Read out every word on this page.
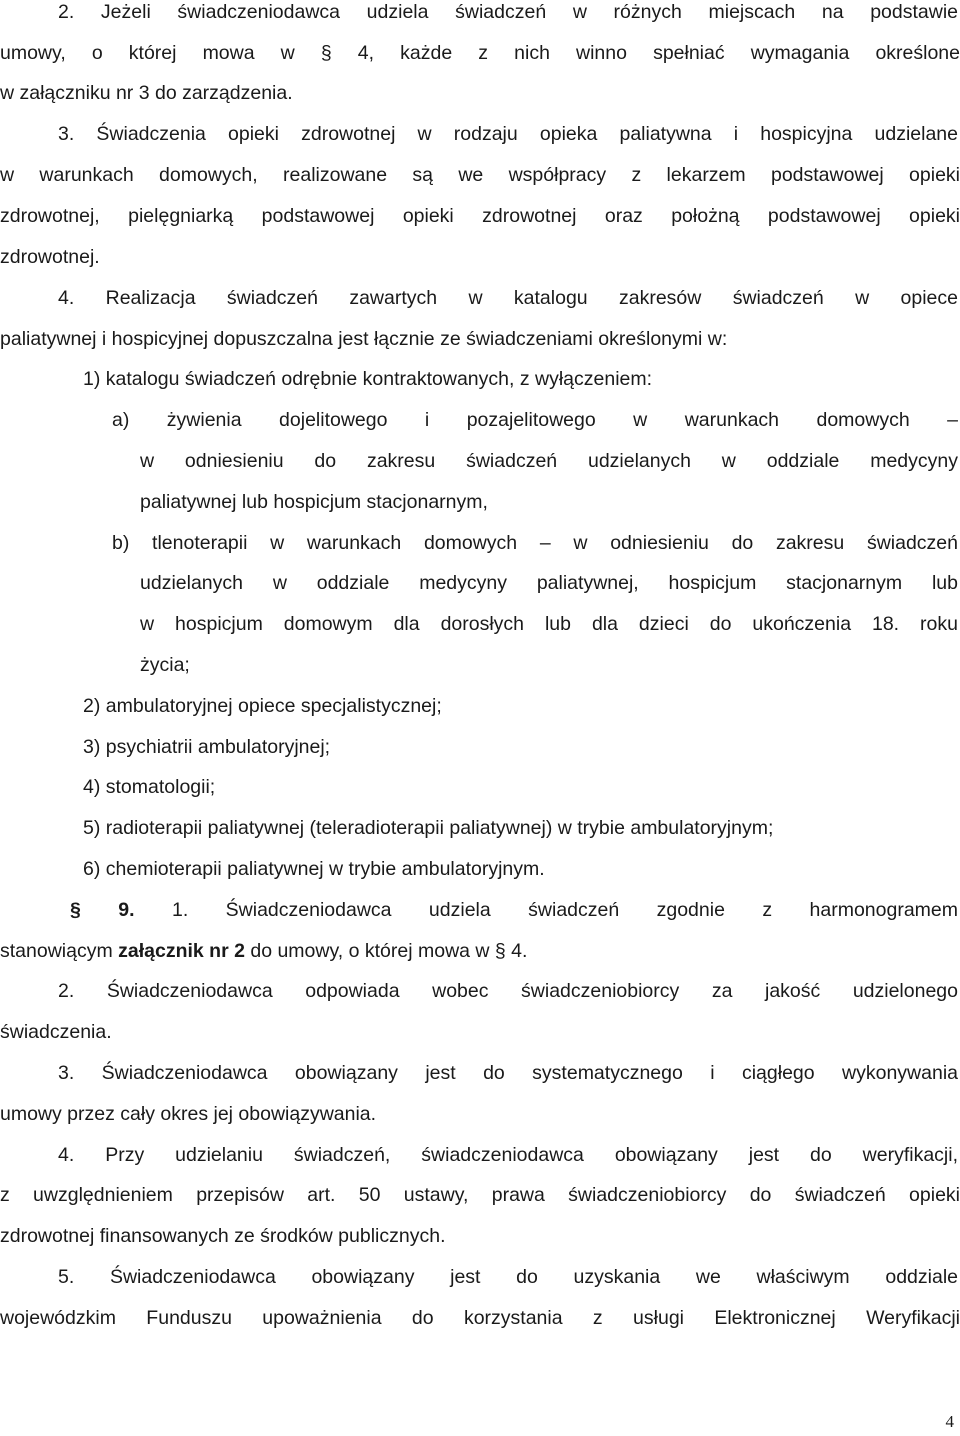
2. Jeżeli świadczeniodawca udziela świadczeń w różnych miejscach na podstawie

umowy, o której mowa w § 4, każde z nich winno spełniać wymagania określone

w załączniku nr 3 do zarządzenia.

3. Świadczenia opieki zdrowotnej w rodzaju opieka paliatywna i hospicyjna udzielane

w warunkach domowych, realizowane są we współpracy z lekarzem podstawowej opieki

zdrowotnej, pielęgniarką podstawowej opieki zdrowotnej oraz położną podstawowej opieki

zdrowotnej.

4. Realizacja świadczeń zawartych w katalogu zakresów świadczeń w opiece

paliatywnej i hospicyjnej dopuszczalna jest łącznie ze świadczeniami określonymi w:

1) katalogu świadczeń odrębnie kontraktowanych, z wyłączeniem:

a) żywienia dojelitowego i pozajelitowego w warunkach domowych –

w odniesieniu do zakresu świadczeń udzielanych w oddziale medycyny

paliatywnej lub hospicjum stacjonarnym,

b) tlenoterapii w warunkach domowych – w odniesieniu do zakresu świadczeń

udzielanych w oddziale medycyny paliatywnej, hospicjum stacjonarnym lub

w hospicjum domowym dla dorosłych lub dla dzieci do ukończenia 18. roku

życia;

2) ambulatoryjnej opiece specjalistycznej;

3) psychiatrii ambulatoryjnej;

4) stomatologii;

5) radioterapii paliatywnej (teleradioterapii paliatywnej) w trybie ambulatoryjnym;

6) chemioterapii paliatywnej w trybie ambulatoryjnym.

§ 9. 1. Świadczeniodawca udziela świadczeń zgodnie z harmonogramem

stanowiącym załącznik nr 2 do umowy, o której mowa w § 4.

2. Świadczeniodawca odpowiada wobec świadczeniobiorcy za jakość udzielonego

świadczenia.

3. Świadczeniodawca obowiązany jest do systematycznego i ciągłego wykonywania

umowy przez cały okres jej obowiązywania.

4. Przy udzielaniu świadczeń, świadczeniodawca obowiązany jest do weryfikacji,

z uwzględnieniem przepisów art. 50 ustawy, prawa świadczeniobiorcy do świadczeń opieki

zdrowotnej finansowanych ze środków publicznych.

5. Świadczeniodawca obowiązany jest do uzyskania we właściwym oddziale

wojewódzkim Funduszu upoważnienia do korzystania z usługi Elektronicznej Weryfikacji

4
